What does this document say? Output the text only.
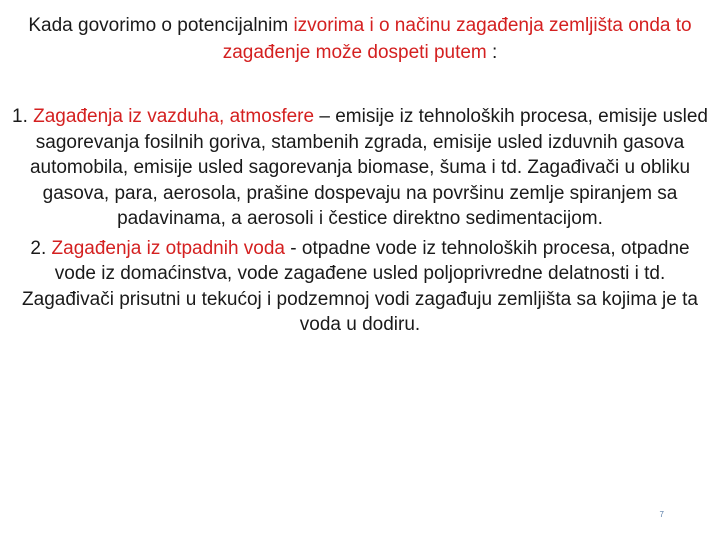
Kada govorimo o potencijalnim izvorima i o načinu zagađenja zemljišta onda to zagađenje može dospeti putem :

1. Zagađenja iz vazduha, atmosfere – emisije iz tehnoloških procesa, emisije usled sagorevanja fosilnih goriva, stambenih zgrada, emisije usled izduvnih gasova automobila, emisije usled sagorevanja biomase, šuma i td. Zagađivači u obliku gasova, para, aerosola, prašine dospevaju na površinu zemlje spiranjem sa padavinama, a aerosoli i čestice direktno sedimentacijom.

2. Zagađenja iz otpadnih voda - otpadne vode iz tehnoloških procesa, otpadne vode iz domaćinstva, vode zagađene usled poljoprivredne delatnosti i td. Zagađivači prisutni u tekućoj i podzemnoj vodi zagađuju zemljišta sa kojima je ta voda u dodiru.

7
